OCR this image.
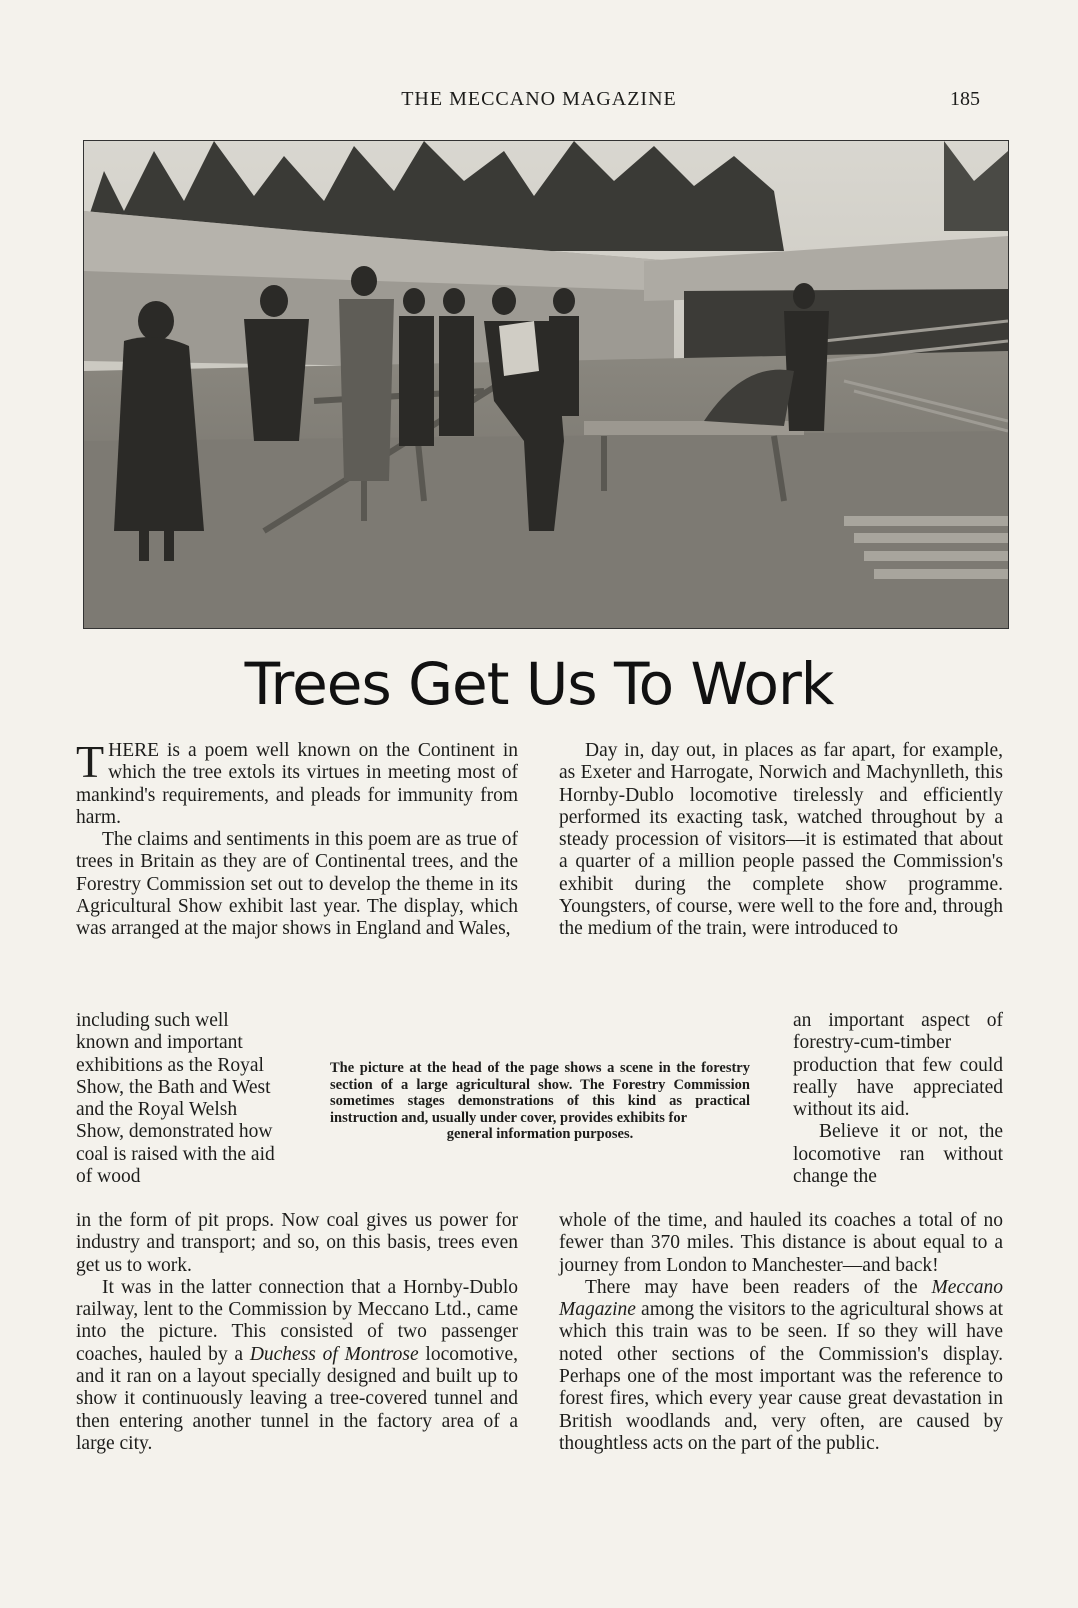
THE MECCANO MAGAZINE	185
Trees Get Us To Work

THERE is a poem well known on the Continent in which the tree extols its virtues in meeting most of mankind's requirements, and pleads for immunity from harm.

The claims and sentiments in this poem are as true of trees in Britain as they are of Continental trees, and the Forestry Commission set out to develop the theme in its Agricultural Show exhibit last year. The display, which was arranged at the major shows in England and Wales,

including such well known and important exhibitions as the Royal Show, the Bath and West and the Royal Welsh Show, demonstrated how coal is raised with the aid of wood

in the form of pit props. Now coal gives us power for industry and transport; and so, on this basis, trees even get us to work.

It was in the latter connection that a Hornby-Dublo railway, lent to the Commission by Meccano Ltd., came into the picture. This consisted of two passenger coaches, hauled by a Duchess of Montrose locomotive, and it ran on a layout specially designed and built up to show it continuously leaving a tree-covered tunnel and then entering another tunnel in the factory area of a large city.

The picture at the head of the page shows a scene in the forestry section of a large agricultural show. The Forestry Commission sometimes stages demonstrations of this kind as practical instruction and, usually under cover, provides exhibits for
general information purposes.

Day in, day out, in places as far apart, for example, as Exeter and Harrogate, Norwich and Machynlleth, this Hornby-Dublo locomotive tirelessly and efficiently performed its exacting task, watched throughout by a steady procession of visitors—it is estimated that about a quarter of a million people passed the Commission's exhibit during the complete show programme. Youngsters, of course, were well to the fore and, through the medium of the train, were introduced to

an important aspect of forestry-cum-timber production that few could really have appreciated without its aid.

Believe it or not, the locomotive ran without change the

whole of the time, and hauled its coaches a total of no fewer than 370 miles. This distance is about equal to a journey from London to Manchester—and back!

There may have been readers of the Meccano Magazine among the visitors to the agricultural shows at which this train was to be seen. If so they will have noted other sections of the Commission's display. Perhaps one of the most important was the reference to forest fires, which every year cause great devastation in British woodlands and, very often, are caused by thoughtless acts on the part of the public.
